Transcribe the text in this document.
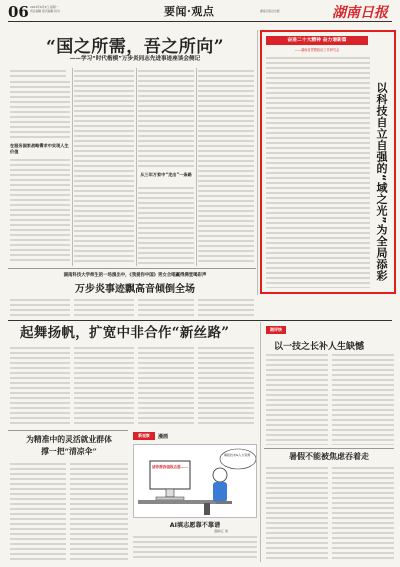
06 2023年6月5日 星期一
责任编辑 版式编辑 校对	要闻·观点	湖南日报社出版	湖南日报
“国之所需，吾之所向”
——学习“时代楷模”万步炎同志先进事迹座谈会侧记
在服务国家战略需求中实现人生价值
从三年万家中“走出”一条路
奋进二十大精神 奋力谱新篇
——湖南省思想政治工作研究会
以科技自立自强的“域之光”为全局添彩
湖南科技大学师生的一场演出中，《我爱你中国》男女合唱赢得满堂喝彩声
万步炎事迹飘高音倾倒全场
起舞扬帆，扩宽中非合作“新丝路”	湘评快
以一技之长补人生缺憾
为精准中的灵活就业群体
撑一把“清凉伞”
新观察	漫画
请你帮我填报志愿……
填报技术&人力资源
AI填志愿靠不靠谱
漫画/江 淮
暑假不能被焦虑吞着走
